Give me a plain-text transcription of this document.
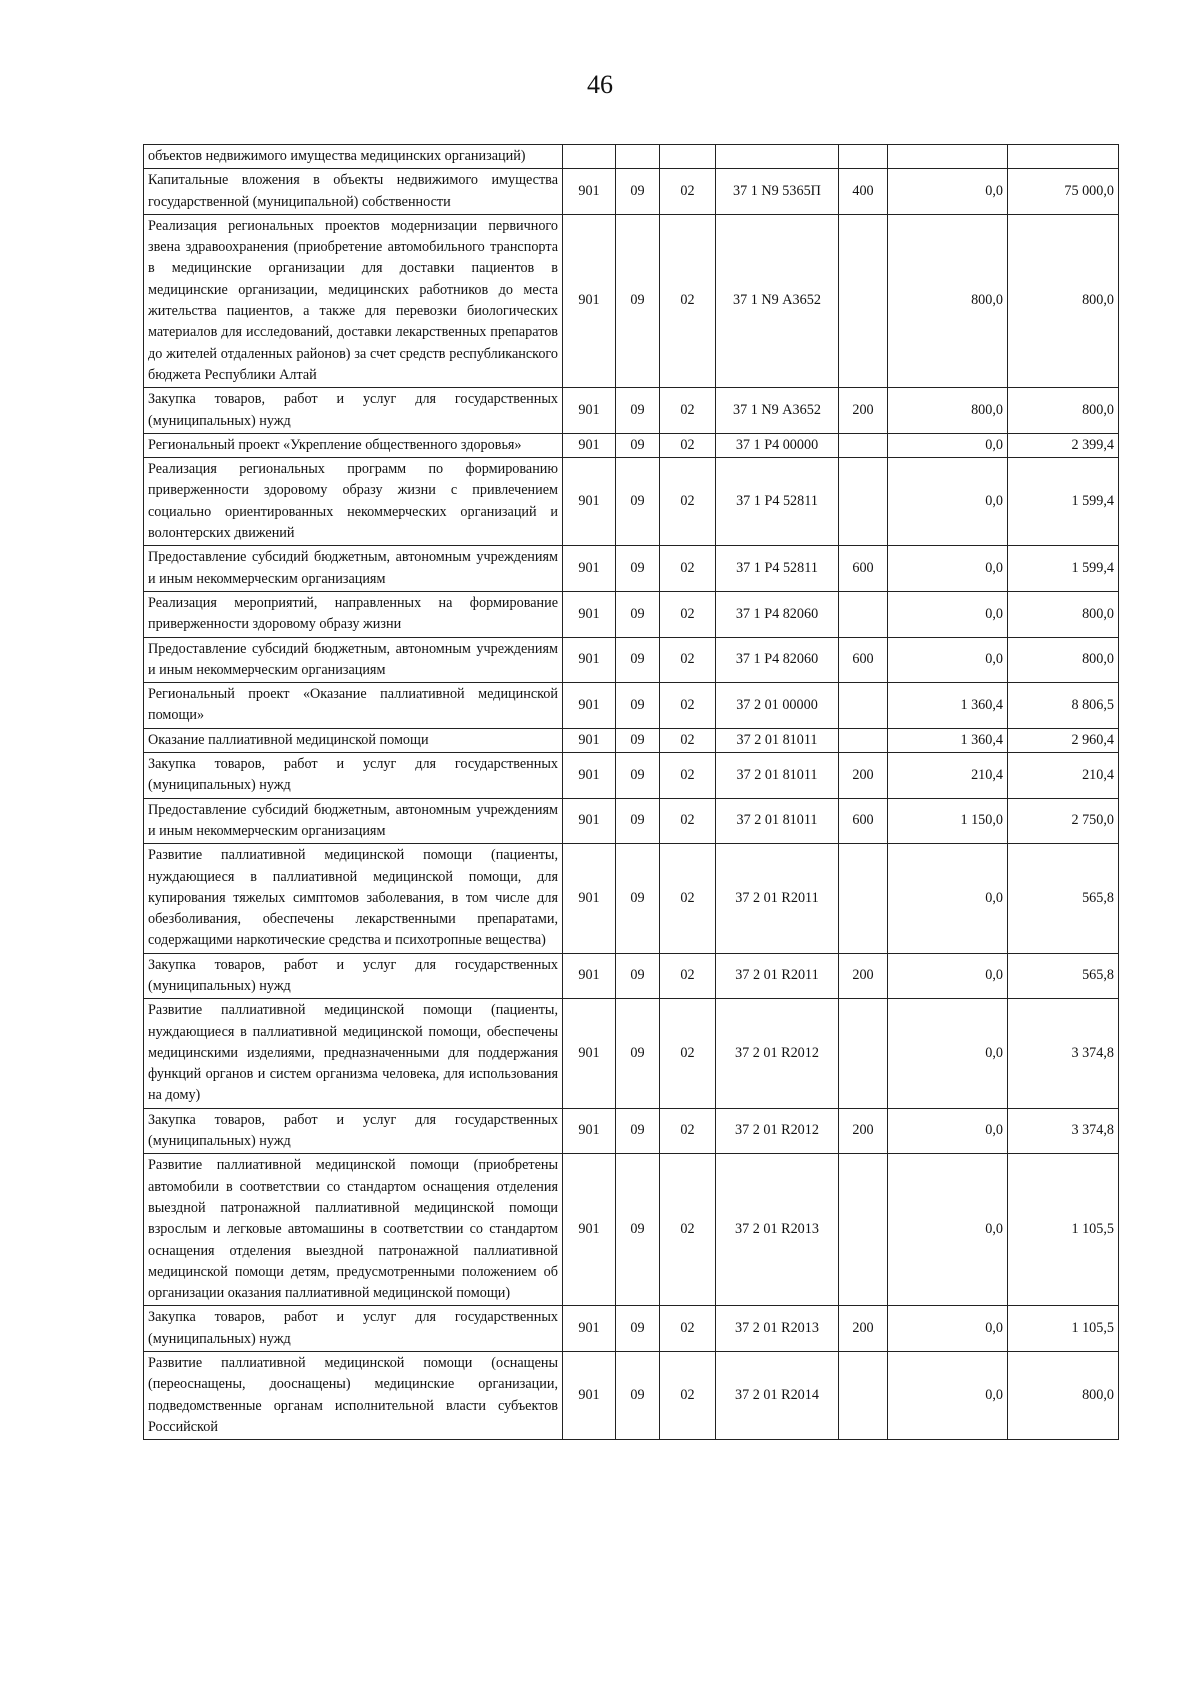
46
объектов недвижимого имущества медицинских организаций)							
Капитальные вложения в объекты недвижимого имущества государственной (муниципальной) собственности	901	09	02	37 1 N9 5365П	400	0,0	75 000,0
Реализация региональных проектов модернизации первичного звена здравоохранения (приобретение автомобильного транспорта в медицинские организации для доставки пациентов в медицинские организации, медицинских работников до места жительства пациентов, а также для перевозки биологических материалов для исследований, доставки лекарственных препаратов до жителей отдаленных районов) за счет средств республиканского бюджета Республики Алтай	901	09	02	37 1 N9 А3652		800,0	800,0
Закупка товаров, работ и услуг для государственных (муниципальных) нужд	901	09	02	37 1 N9 А3652	200	800,0	800,0
Региональный проект «Укрепление общественного здоровья»	901	09	02	37 1 P4 00000		0,0	2 399,4
Реализация региональных программ по формированию приверженности здоровому образу жизни с привлечением социально ориентированных некоммерческих организаций и волонтерских движений	901	09	02	37 1 P4 52811		0,0	1 599,4
Предоставление субсидий бюджетным, автономным учреждениям и иным некоммерческим организациям	901	09	02	37 1 P4 52811	600	0,0	1 599,4
Реализация мероприятий, направленных на формирование приверженности здоровому образу жизни	901	09	02	37 1 P4 82060		0,0	800,0
Предоставление субсидий бюджетным, автономным учреждениям и иным некоммерческим организациям	901	09	02	37 1 P4 82060	600	0,0	800,0
Региональный проект «Оказание паллиативной медицинской помощи»	901	09	02	37 2 01 00000		1 360,4	8 806,5
Оказание паллиативной медицинской помощи	901	09	02	37 2 01 81011		1 360,4	2 960,4
Закупка товаров, работ и услуг для государственных (муниципальных) нужд	901	09	02	37 2 01 81011	200	210,4	210,4
Предоставление субсидий бюджетным, автономным учреждениям и иным некоммерческим организациям	901	09	02	37 2 01 81011	600	1 150,0	2 750,0
Развитие паллиативной медицинской помощи (пациенты, нуждающиеся в паллиативной медицинской помощи, для купирования тяжелых симптомов заболевания, в том числе для обезболивания, обеспечены лекарственными препаратами, содержащими наркотические средства и психотропные вещества)	901	09	02	37 2 01 R2011		0,0	565,8
Закупка товаров, работ и услуг для государственных (муниципальных) нужд	901	09	02	37 2 01 R2011	200	0,0	565,8
Развитие паллиативной медицинской помощи (пациенты, нуждающиеся в паллиативной медицинской помощи, обеспечены медицинскими изделиями, предназначенными для поддержания функций органов и систем организма человека, для использования на дому)	901	09	02	37 2 01 R2012		0,0	3 374,8
Закупка товаров, работ и услуг для государственных (муниципальных) нужд	901	09	02	37 2 01 R2012	200	0,0	3 374,8
Развитие паллиативной медицинской помощи (приобретены автомобили в соответствии со стандартом оснащения отделения выездной патронажной паллиативной медицинской помощи взрослым и легковые автомашины в соответствии со стандартом оснащения отделения выездной патронажной паллиативной медицинской помощи детям, предусмотренными положением об организации оказания паллиативной медицинской помощи)	901	09	02	37 2 01 R2013		0,0	1 105,5
Закупка товаров, работ и услуг для государственных (муниципальных) нужд	901	09	02	37 2 01 R2013	200	0,0	1 105,5
Развитие паллиативной медицинской помощи (оснащены (переоснащены, дооснащены) медицинские организации, подведомственные органам исполнительной власти субъектов Российской	901	09	02	37 2 01 R2014		0,0	800,0
